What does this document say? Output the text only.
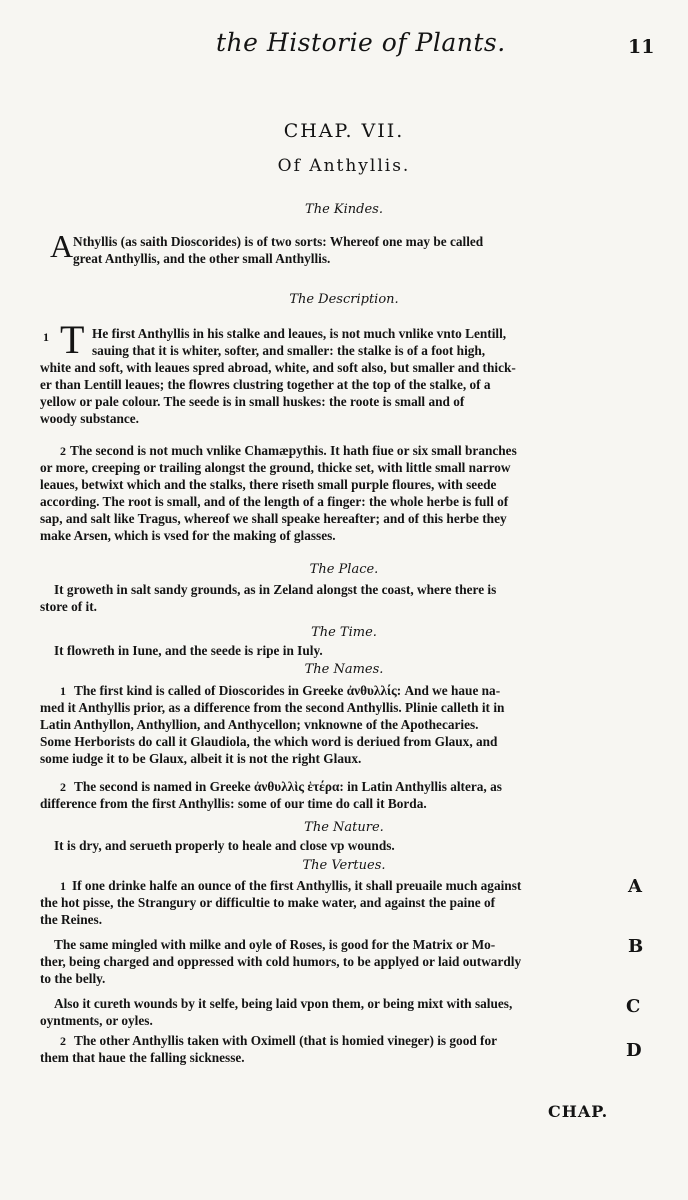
the Historie of Plants.	11
CHAP. VII.
Of Anthyllis.
The Kindes.
A Nthyllis (as saith Dioscorides) is of two sorts: Whereof one may be called
great Anthyllis, and the other small Anthyllis.
The Description.
1 T He first Anthyllis in his stalke and leaues, is not much vnlike vnto Lentill,
sauing that it is whiter, softer, and smaller: the stalke is of a foot high,
white and soft, with leaues spred abroad, white, and soft also, but smaller and thick-
er than Lentill leaues; the flowres clustring together at the top of the stalke, of a
yellow or pale colour. The seede is in small huskes: the roote is small and of
woody substance.
2 The second is not much vnlike Chamæpythis. It hath fiue or six small branches
or more, creeping or trailing alongst the ground, thicke set, with little small narrow
leaues, betwixt which and the stalks, there riseth small purple floures, with seede
according. The root is small, and of the length of a finger: the whole herbe is full of
sap, and salt like Tragus, whereof we shall speake hereafter; and of this herbe they
make Arsen, which is vsed for the making of glasses.
The Place.
It groweth in salt sandy grounds, as in Zeland alongst the coast, where there is
store of it.
The Time.
It flowreth in Iune, and the seede is ripe in Iuly.
The Names.
1 The first kind is called of Dioscorides in Greeke ἀνθυλλίς: And we haue na-
med it Anthyllis prior, as a difference from the second Anthyllis. Plinie calleth it in
Latin Anthyllon, Anthyllion, and Anthycellon; vnknowne of the Apothecaries.
Some Herborists do call it Glaudiola, the which word is deriued from Glaux, and
some iudge it to be Glaux, albeit it is not the right Glaux.
2 The second is named in Greeke ἀνθυλλὶς ἑτέρα: in Latin Anthyllis altera, as
difference from the first Anthyllis: some of our time do call it Borda.
The Nature.
It is dry, and serueth properly to heale and close vp wounds.
The Vertues.
1 If one drinke halfe an ounce of the first Anthyllis, it shall preuaile much against
the hot pisse, the Strangury or difficultie to make water, and against the paine of
the Reines.
The same mingled with milke and oyle of Roses, is good for the Matrix or Mo-
ther, being charged and oppressed with cold humors, to be applyed or laid outwardly
to the belly.
Also it cureth wounds by it selfe, being laid vpon them, or being mixt with salues,
oyntments, or oyles.
2 The other Anthyllis taken with Oximell (that is homied vineger) is good for
them that haue the falling sicknesse.
A
B
C
D
CHAP.
